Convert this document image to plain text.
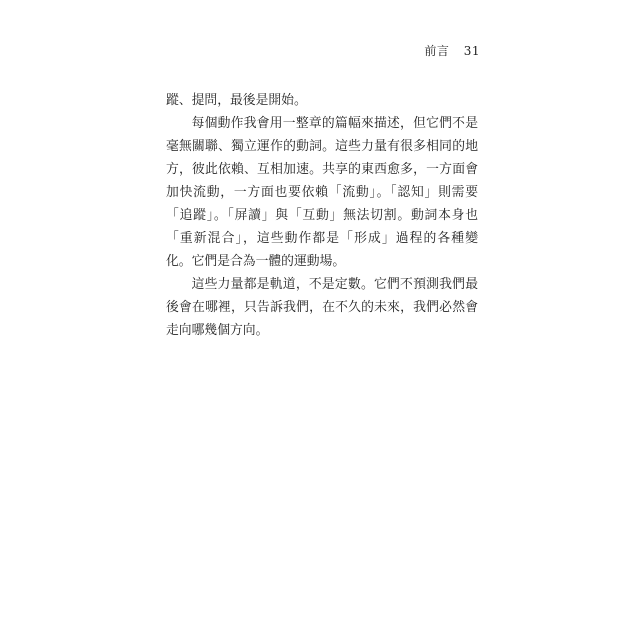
前言 31

蹤、提問，最後是開始。

每個動作我會用一整章的篇幅來描述，但它們不是毫無關聯、獨立運作的動詞。這些力量有很多相同的地方，彼此依賴、互相加速。共享的東西愈多，一方面會加快流動，一方面也要依賴「流動」。「認知」則需要「追蹤」。「屏讀」與「互動」無法切割。動詞本身也「重新混合」，這些動作都是「形成」過程的各種變化。它們是合為一體的運動場。

這些力量都是軌道，不是定數。它們不預測我們最後會在哪裡，只告訴我們，在不久的未來，我們必然會走向哪幾個方向。
